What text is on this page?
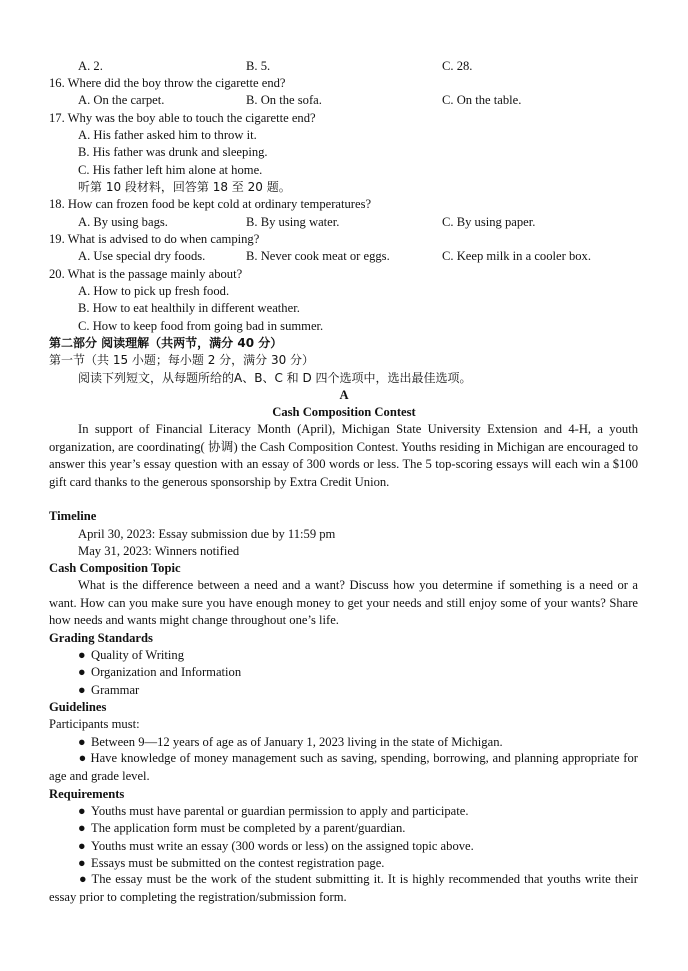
A. 2.	B. 5.	C. 28.
16. Where did the boy throw the cigarette end?
A. On the carpet.	B. On the sofa.	C. On the table.
17. Why was the boy able to touch the cigarette end?
A. His father asked him to throw it.
B. His father was drunk and sleeping.
C. His father left him alone at home.
听第 10 段材料，回答第 18 至 20 题。
18. How can frozen food be kept cold at ordinary temperatures?
A. By using bags.	B. By using water.	C. By using paper.
19. What is advised to do when camping?
A. Use special dry foods.	B. Never cook meat or eggs.	C. Keep milk in a cooler box.
20. What is the passage mainly about?
A. How to pick up fresh food.
B. How to eat healthily in different weather.
C. How to keep food from going bad in summer.
第二部分 阅读理解（共两节，满分 40 分）
第一节（共 15 小题；每小题 2 分，满分 30 分）
阅读下列短文，从每题所给的A、B、C 和 D 四个选项中，选出最佳选项。
A
Cash Composition Contest
In support of Financial Literacy Month (April), Michigan State University Extension and 4-H, a youth organization, are coordinating( 协调) the Cash Composition Contest. Youths residing in Michigan are encouraged to answer this year’s essay question with an essay of 300 words or less. The 5 top-scoring essays will each win a $100 gift card thanks to the generous sponsorship by Extra Credit Union.
Timeline
April 30, 2023: Essay submission due by 11:59 pm
May 31, 2023: Winners notified
Cash Composition Topic
What is the difference between a need and a want? Discuss how you determine if something is a need or a want. How can you make sure you have enough money to get your needs and still enjoy some of your wants? Share how needs and wants might change throughout one’s life.
Grading Standards
● Quality of Writing
● Organization and Information
● Grammar
Guidelines
Participants must:
● Between 9—12 years of age as of January 1, 2023 living in the state of Michigan.
● Have knowledge of money management such as saving, spending, borrowing, and planning appropriate for age and grade level.
Requirements
● Youths must have parental or guardian permission to apply and participate.
● The application form must be completed by a parent/guardian.
● Youths must write an essay (300 words or less) on the assigned topic above.
● Essays must be submitted on the contest registration page.
● The essay must be the work of the student submitting it. It is highly recommended that youths write their essay prior to completing the registration/submission form.
